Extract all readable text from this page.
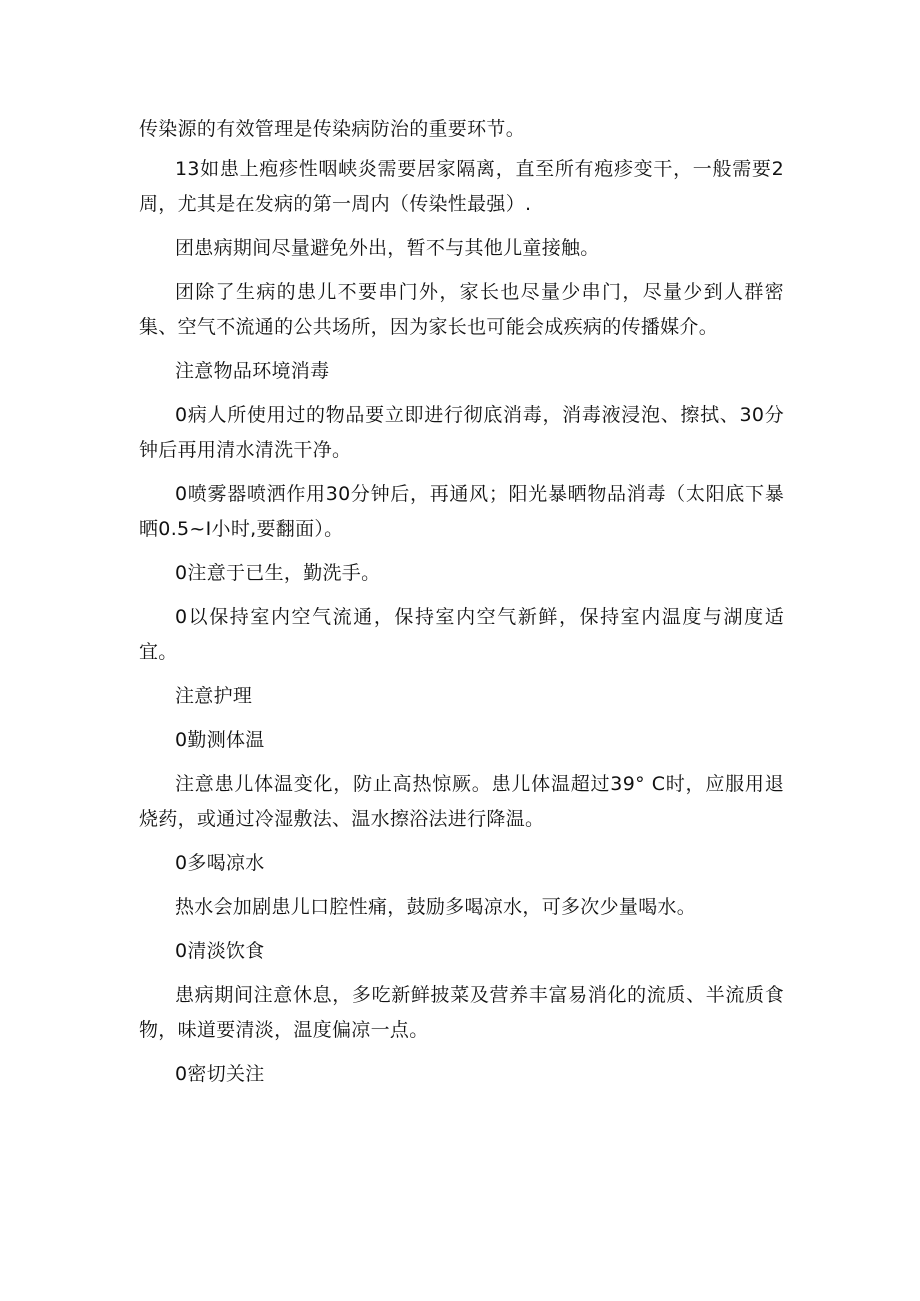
传染源的有效管理是传染病防治的重要环节。

13如患上疱疹性咽峡炎需要居家隔离，直至所有疱疹变干，一般需要2周，尤其是在发病的第一周内（传染性最强）.

团患病期间尽量避免外出，暂不与其他儿童接触。

团除了生病的患儿不要串门外，家长也尽量少串门，尽量少到人群密集、空气不流通的公共场所，因为家长也可能会成疾病的传播媒介。

注意物品环境消毒

0病人所使用过的物品要立即进行彻底消毒，消毒液浸泡、擦拭、30分钟后再用清水清洗干净。

0喷雾器喷洒作用30分钟后，再通风；阳光暴晒物品消毒（太阳底下暴晒0.5~I小时,要翻面）。

0注意于已生，勤洗手。

0以保持室内空气流通，保持室内空气新鲜，保持室内温度与湖度适宜。

注意护理

0勤测体温

注意患儿体温变化，防止高热惊厥。患儿体温超过39° C时，应服用退烧药，或通过冷湿敷法、温水擦浴法进行降温。

0多喝凉水

热水会加剧患儿口腔性痛，鼓励多喝凉水，可多次少量喝水。

0清淡饮食

患病期间注意休息，多吃新鲜披菜及营养丰富易消化的流质、半流质食物，味道要清淡，温度偏凉一点。

0密切关注
